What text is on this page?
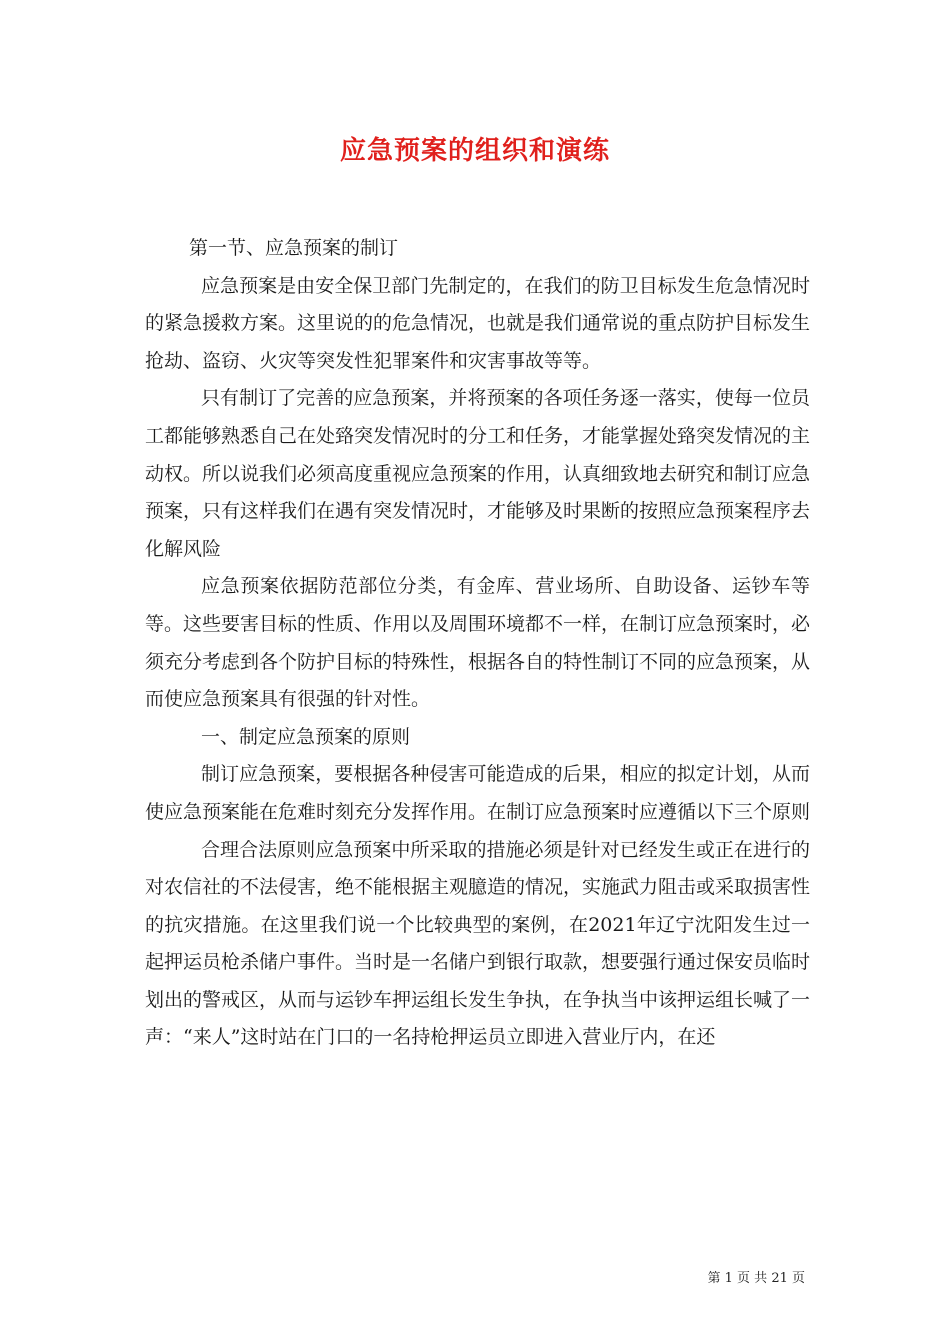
应急预案的组织和演练

第一节、应急预案的制订

应急预案是由安全保卫部门先制定的，在我们的防卫目标发生危急情况时的紧急援救方案。这里说的的危急情况，也就是我们通常说的重点防护目标发生抢劫、盗窃、火灾等突发性犯罪案件和灾害事故等等。

只有制订了完善的应急预案，并将预案的各项任务逐一落实，使每一位员工都能够熟悉自己在处臵突发情况时的分工和任务，才能掌握处臵突发情况的主动权。所以说我们必须高度重视应急预案的作用，认真细致地去研究和制订应急预案，只有这样我们在遇有突发情况时，才能够及时果断的按照应急预案程序去化解风险

应急预案依据防范部位分类，有金库、营业场所、自助设备、运钞车等等。这些要害目标的性质、作用以及周围环境都不一样，在制订应急预案时，必须充分考虑到各个防护目标的特殊性，根据各自的特性制订不同的应急预案，从而使应急预案具有很强的针对性。

一、制定应急预案的原则

制订应急预案，要根据各种侵害可能造成的后果，相应的拟定计划，从而使应急预案能在危难时刻充分发挥作用。在制订应急预案时应遵循以下三个原则

合理合法原则应急预案中所采取的措施必须是针对已经发生或正在进行的对农信社的不法侵害，绝不能根据主观臆造的情况，实施武力阻击或采取损害性的抗灾措施。在这里我们说一个比较典型的案例，在2021年辽宁沈阳发生过一起押运员枪杀储户事件。当时是一名储户到银行取款，想要强行通过保安员临时划出的警戒区，从而与运钞车押运组长发生争执，在争执当中该押运组长喊了一声：“来人”这时站在门口的一名持枪押运员立即进入营业厅内，在还

第 1 页 共 21 页
